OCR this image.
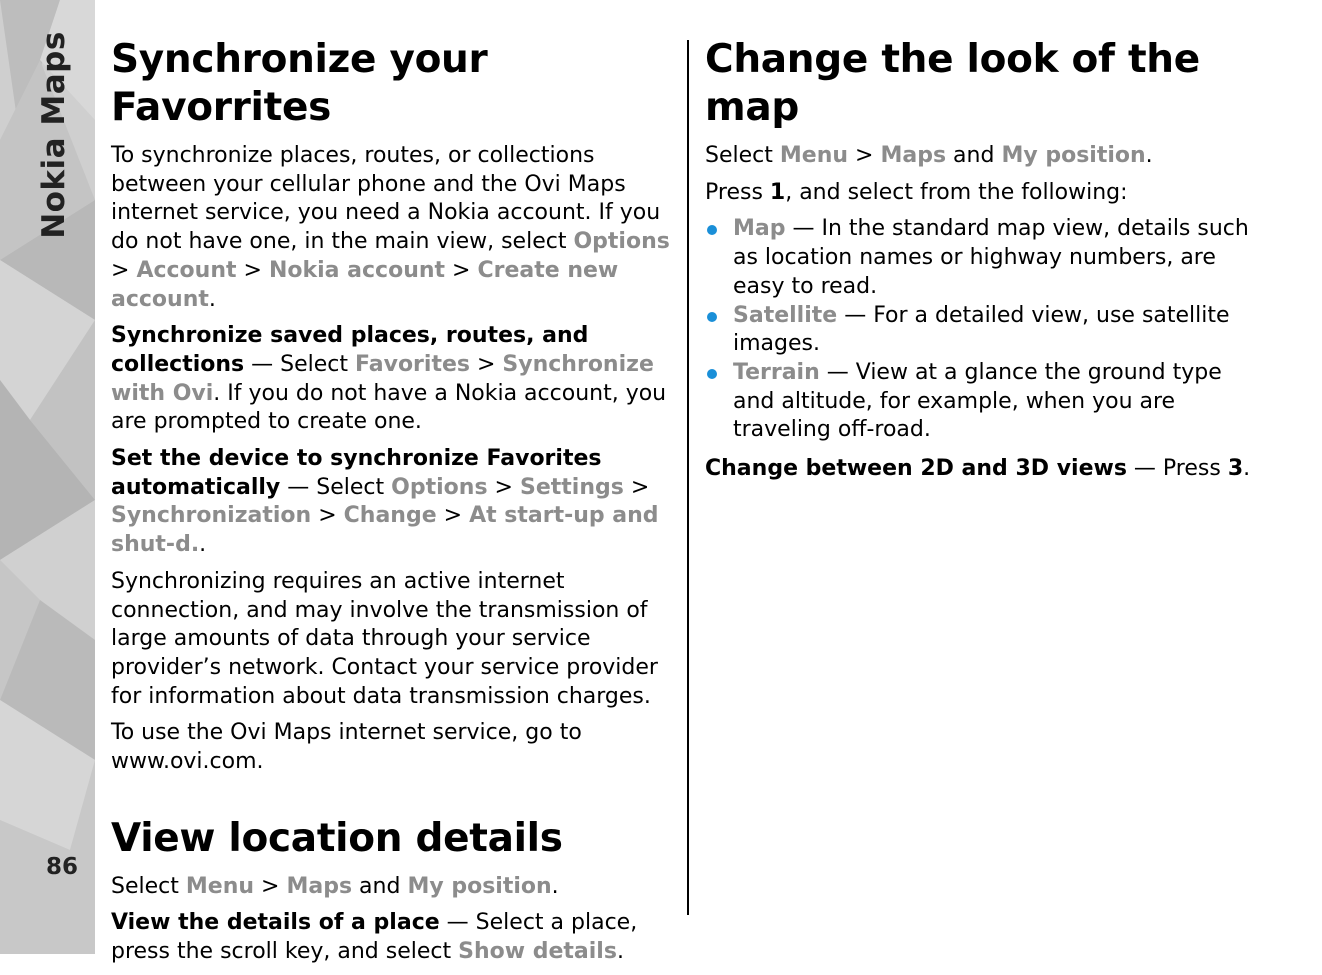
Nokia Maps
86
Synchronize your Favorrites

To synchronize places, routes, or collections between your cellular phone and the Ovi Maps internet service, you need a Nokia account. If you do not have one, in the main view, select Options > Account > Nokia account > Create new account.

Synchronize saved places, routes, and collections — Select Favorites > Synchronize with Ovi. If you do not have a Nokia account, you are prompted to create one.

Set the device to synchronize Favorites automatically — Select Options > Settings > Synchronization > Change > At start-up and shut-d..

Synchronizing requires an active internet connection, and may involve the transmission of large amounts of data through your service provider’s network. Contact your service provider for information about data transmission charges.

To use the Ovi Maps internet service, go to www.ovi.com.

View location details

Select Menu > Maps and My position.

View the details of a place — Select a place, press the scroll key, and select Show details.

Change the look of the map

Select Menu > Maps and My position.

Press 1, and select from the following:

Map — In the standard map view, details such as location names or highway numbers, are easy to read.
Satellite — For a detailed view, use satellite images.
Terrain — View at a glance the ground type and altitude, for example, when you are traveling off-road.

Change between 2D and 3D views — Press 3.
